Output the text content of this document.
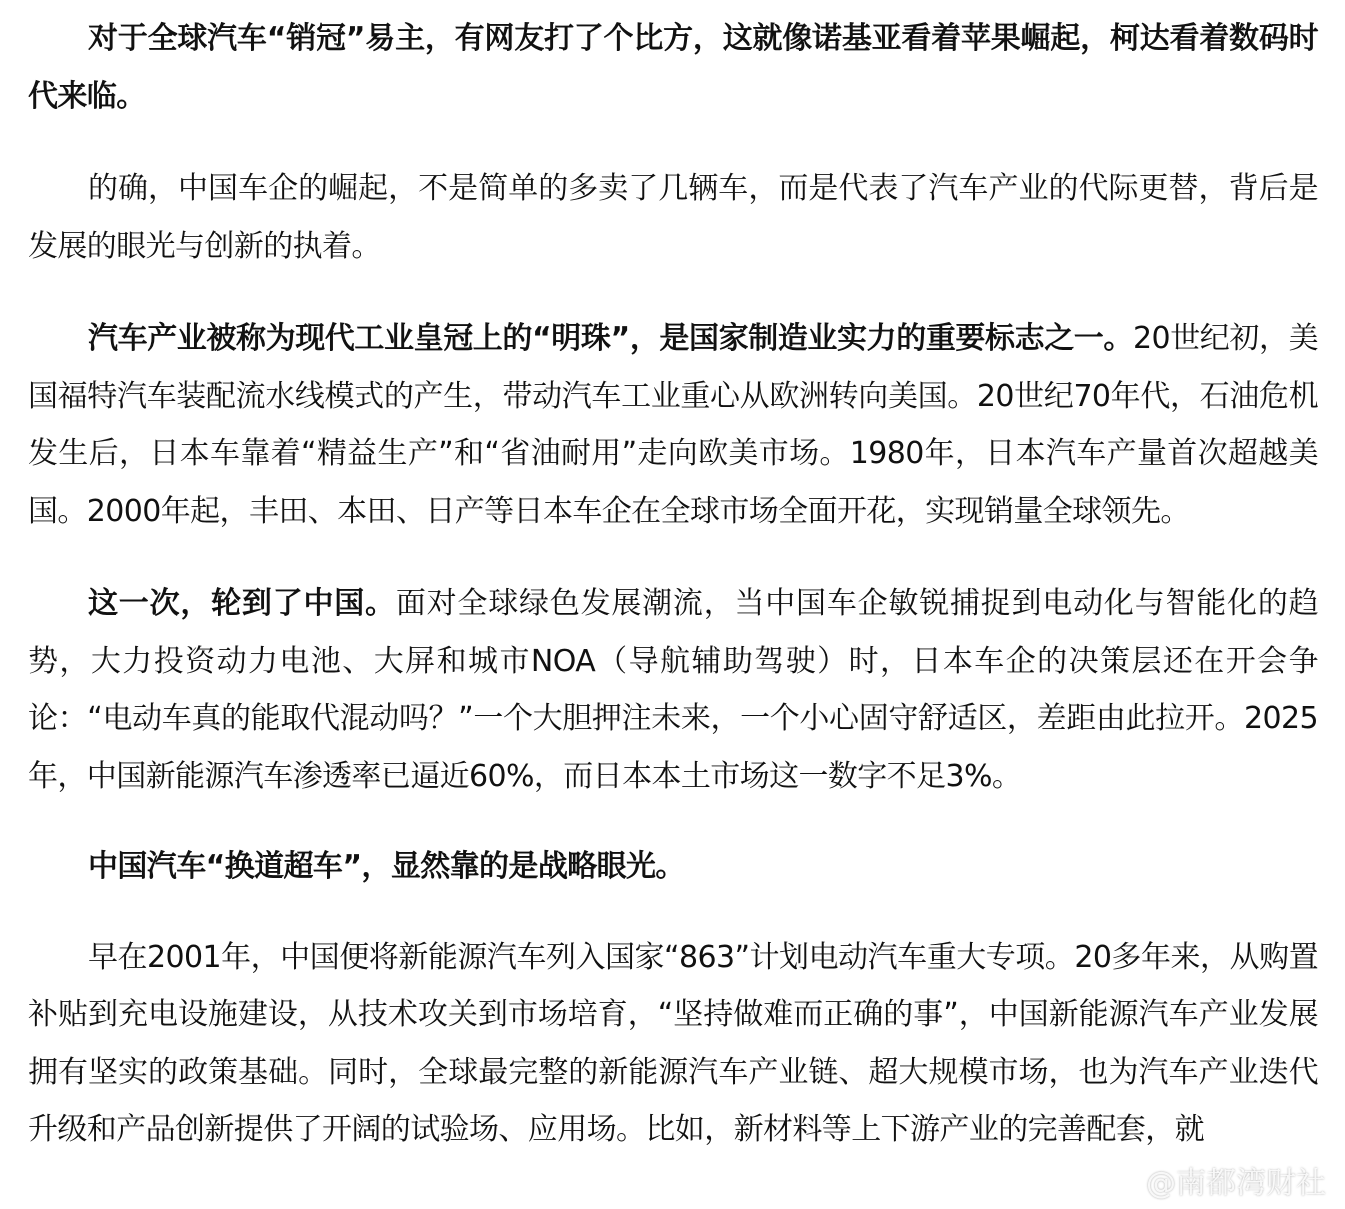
对于全球汽车“销冠”易主，有网友打了个比方，这就像诺基亚看着苹果崛起，柯达看着数码时代来临。

的确，中国车企的崛起，不是简单的多卖了几辆车，而是代表了汽车产业的代际更替，背后是发展的眼光与创新的执着。

汽车产业被称为现代工业皇冠上的“明珠”，是国家制造业实力的重要标志之一。20世纪初，美国福特汽车装配流水线模式的产生，带动汽车工业重心从欧洲转向美国。20世纪70年代，石油危机发生后，日本车靠着“精益生产”和“省油耐用”走向欧美市场。1980年，日本汽车产量首次超越美国。2000年起，丰田、本田、日产等日本车企在全球市场全面开花，实现销量全球领先。

这一次，轮到了中国。面对全球绿色发展潮流，当中国车企敏锐捕捉到电动化与智能化的趋势，大力投资动力电池、大屏和城市NOA（导航辅助驾驶）时，日本车企的决策层还在开会争论：“电动车真的能取代混动吗？”一个大胆押注未来，一个小心固守舒适区，差距由此拉开。2025年，中国新能源汽车渗透率已逼近60%，而日本本土市场这一数字不足3%。

中国汽车“换道超车”，显然靠的是战略眼光。

早在2001年，中国便将新能源汽车列入国家“863”计划电动汽车重大专项。20多年来，从购置补贴到充电设施建设，从技术攻关到市场培育，“坚持做难而正确的事”，中国新能源汽车产业发展拥有坚实的政策基础。同时，全球最完整的新能源汽车产业链、超大规模市场，也为汽车产业迭代升级和产品创新提供了开阔的试验场、应用场。比如，新材料等上下游产业的完善配套，就

@南都湾财社
